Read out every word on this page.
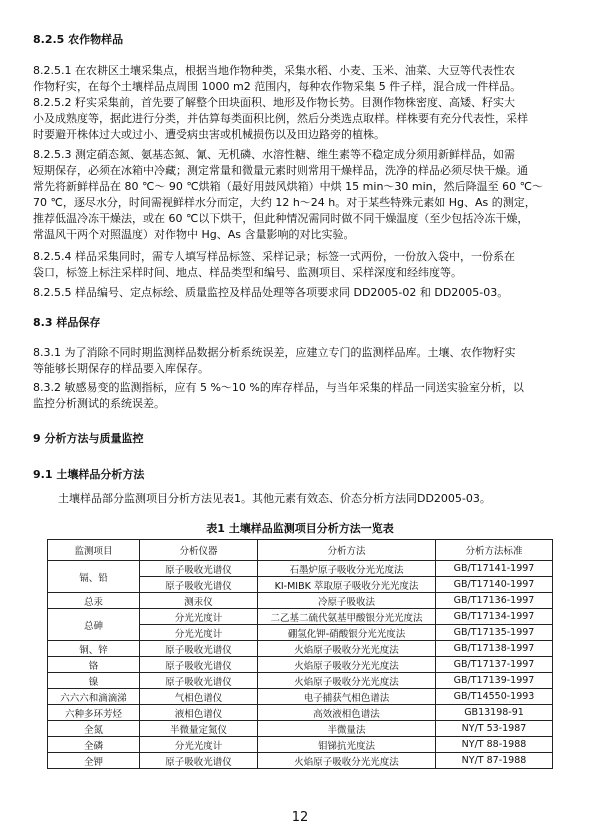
8.2.5 农作物样品
8.2.5.1 在农耕区土壤采集点，根据当地作物种类，采集水稻、小麦、玉米、油菜、大豆等代表性农
作物籽实，在每个土壤样品点周围 1000 m2 范围内，每种农作物采集 5 件子样，混合成一件样品。
8.2.5.2 籽实采集前，首先要了解整个田块面积、地形及作物长势。目测作物株密度、高矮、籽实大
小及成熟度等，据此进行分类，并估算每类面积比例，然后分类选点取样。样株要有充分代表性，采样
时要避开株体过大或过小、遭受病虫害或机械损伤以及田边路旁的植株。
8.2.5.3 测定硝态氮、氨基态氮、氰、无机磷、水溶性糖、维生素等不稳定成分须用新鲜样品，如需
短期保存，必须在冰箱中冷藏；测定常量和微量元素时则常用干燥样品，洗净的样品必须尽快干燥。通
常先将新鲜样品在 80 ℃～ 90 ℃烘箱（最好用鼓风烘箱）中烘 15 min～30 min，然后降温至 60 ℃～
70 ℃，逐尽水分，时间需视鲜样水分而定，大约 12 h～24 h。对于某些特殊元素如 Hg、As 的测定，
推荐低温冷冻干燥法，或在 60 ℃以下烘干，但此种情况需同时做不同干燥温度（至少包括冷冻干燥，
常温风干两个对照温度）对作物中 Hg、As 含量影响的对比实验。
8.2.5.4 样品采集同时，需专人填写样品标签、采样记录；标签一式两份，一份放入袋中，一份系在
袋口，标签上标注采样时间、地点、样品类型和编号、监测项目、采样深度和经纬度等。
8.2.5.5 样品编号、定点标绘、质量监控及样品处理等各项要求同 DD2005-02 和 DD2005-03。
8.3 样品保存
8.3.1 为了消除不同时期监测样品数据分析系统误差，应建立专门的监测样品库。土壤、农作物籽实
等能够长期保存的样品要入库保存。
8.3.2 敏感易变的监测指标，应有 5 %～10 %的库存样品，与当年采集的样品一同送实验室分析，以
监控分析测试的系统误差。
9 分析方法与质量监控
9.1 土壤样品分析方法
土壤样品部分监测项目分析方法见表1。其他元素有效态、价态分析方法同DD2005-03。
表1 土壤样品监测项目分析方法一览表
监测项目	分析仪器	分析方法	分析方法标准
镉、铅	原子吸收光谱仪	石墨炉原子吸收分光光度法	GB/T17141-1997
	原子吸收光谱仪	KI-MIBK 萃取原子吸收分光光度法	GB/T17140-1997
总汞	测汞仪	冷原子吸收法	GB/T17136-1997
总砷	分光光度计	二乙基二硫代氨基甲酸银分光光度法	GB/T17134-1997
	分光光度计	硼氢化钾-硝酸银分光光度法	GB/T17135-1997
铜、锌	原子吸收光谱仪	火焰原子吸收分光光度法	GB/T17138-1997
铬	原子吸收光谱仪	火焰原子吸收分光光度法	GB/T17137-1997
镍	原子吸收光谱仪	火焰原子吸收分光光度法	GB/T17139-1997
六六六和滴滴涕	气相色谱仪	电子捕获气相色谱法	GB/T14550-1993
六种多环芳烃	液相色谱仪	高效液相色谱法	GB13198-91
全氮	半微量定氮仪	半微量法	NY/T 53-1987
全磷	分光光度计	钼锑抗光度法	NY/T 88-1988
全钾	原子吸收光谱仪	火焰原子吸收分光光度法	NY/T 87-1988
12
